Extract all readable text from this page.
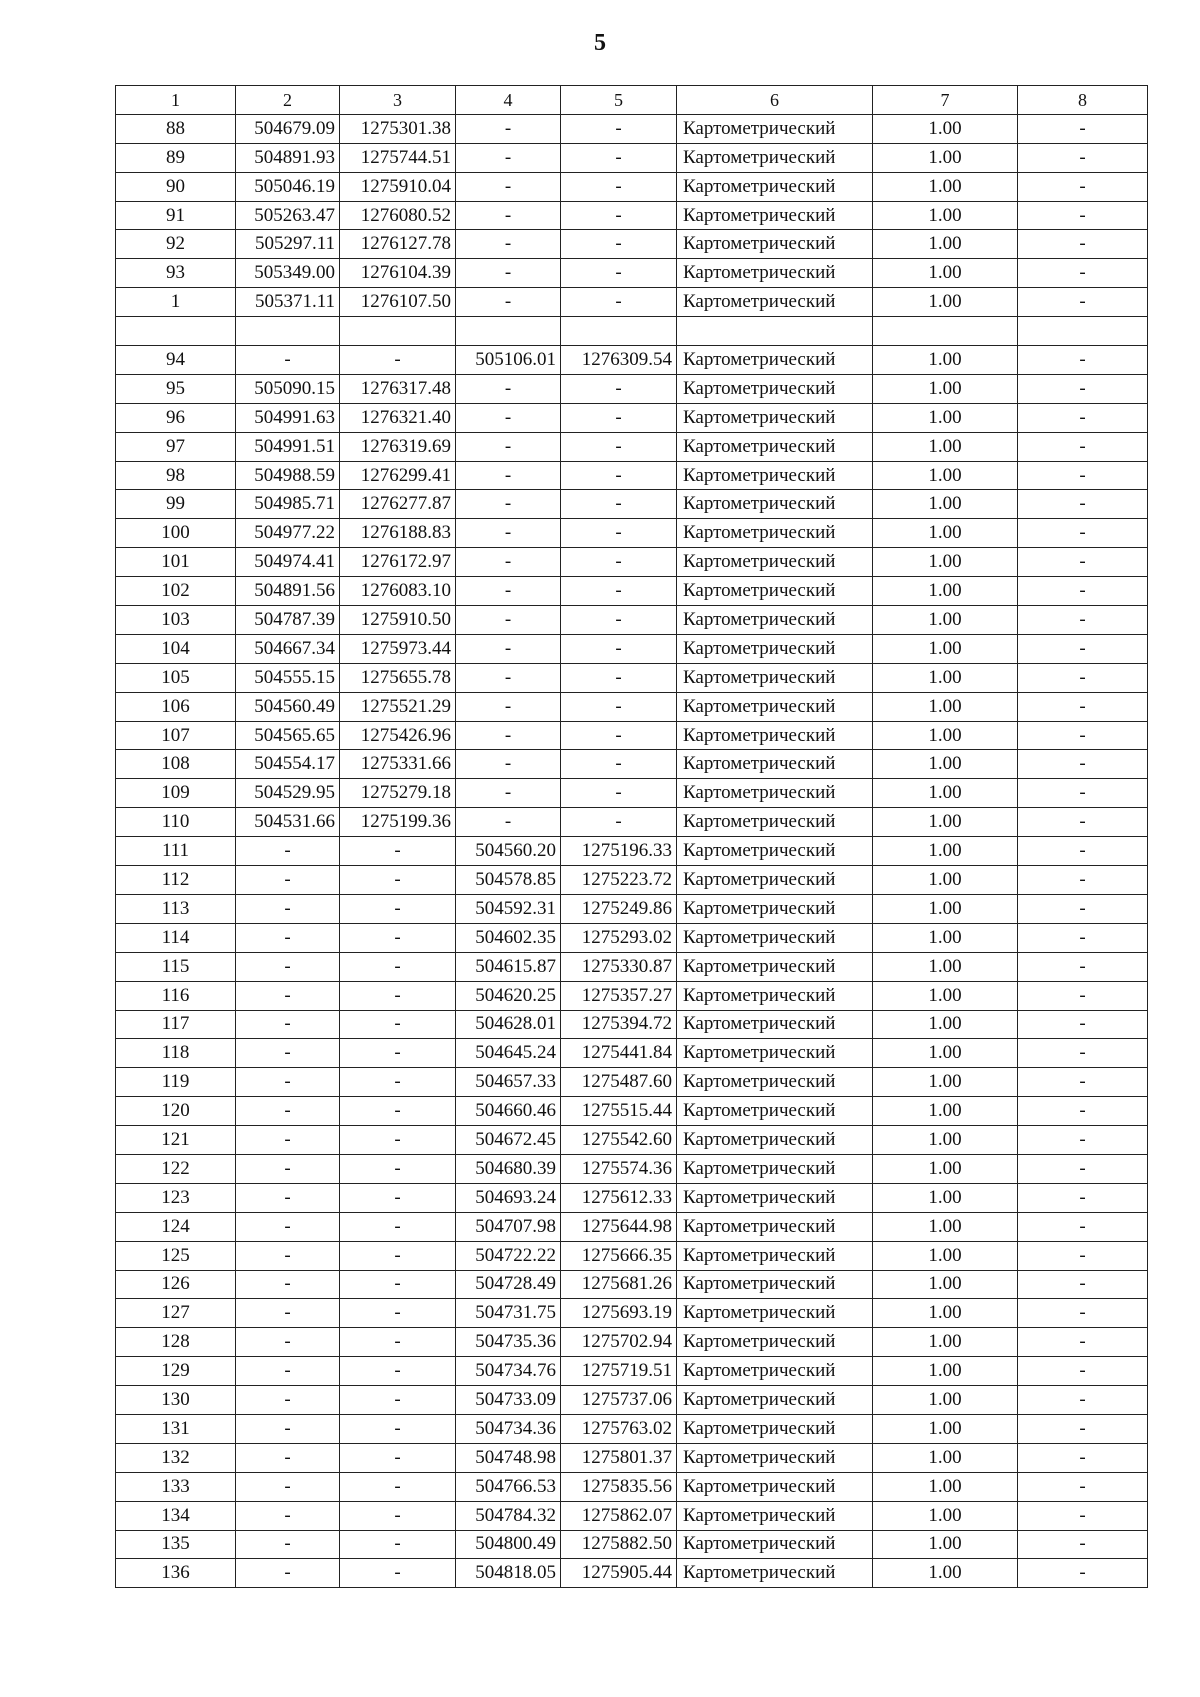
5
1	2	3	4	5	6	7	8
88	504679.09	1275301.38	-	-	Картометрический	1.00	-
89	504891.93	1275744.51	-	-	Картометрический	1.00	-
90	505046.19	1275910.04	-	-	Картометрический	1.00	-
91	505263.47	1276080.52	-	-	Картометрический	1.00	-
92	505297.11	1276127.78	-	-	Картометрический	1.00	-
93	505349.00	1276104.39	-	-	Картометрический	1.00	-
1	505371.11	1276107.50	-	-	Картометрический	1.00	-

94	-	-	505106.01	1276309.54	Картометрический	1.00	-
95	505090.15	1276317.48	-	-	Картометрический	1.00	-
96	504991.63	1276321.40	-	-	Картометрический	1.00	-
97	504991.51	1276319.69	-	-	Картометрический	1.00	-
98	504988.59	1276299.41	-	-	Картометрический	1.00	-
99	504985.71	1276277.87	-	-	Картометрический	1.00	-
100	504977.22	1276188.83	-	-	Картометрический	1.00	-
101	504974.41	1276172.97	-	-	Картометрический	1.00	-
102	504891.56	1276083.10	-	-	Картометрический	1.00	-
103	504787.39	1275910.50	-	-	Картометрический	1.00	-
104	504667.34	1275973.44	-	-	Картометрический	1.00	-
105	504555.15	1275655.78	-	-	Картометрический	1.00	-
106	504560.49	1275521.29	-	-	Картометрический	1.00	-
107	504565.65	1275426.96	-	-	Картометрический	1.00	-
108	504554.17	1275331.66	-	-	Картометрический	1.00	-
109	504529.95	1275279.18	-	-	Картометрический	1.00	-
110	504531.66	1275199.36	-	-	Картометрический	1.00	-
111	-	-	504560.20	1275196.33	Картометрический	1.00	-
112	-	-	504578.85	1275223.72	Картометрический	1.00	-
113	-	-	504592.31	1275249.86	Картометрический	1.00	-
114	-	-	504602.35	1275293.02	Картометрический	1.00	-
115	-	-	504615.87	1275330.87	Картометрический	1.00	-
116	-	-	504620.25	1275357.27	Картометрический	1.00	-
117	-	-	504628.01	1275394.72	Картометрический	1.00	-
118	-	-	504645.24	1275441.84	Картометрический	1.00	-
119	-	-	504657.33	1275487.60	Картометрический	1.00	-
120	-	-	504660.46	1275515.44	Картометрический	1.00	-
121	-	-	504672.45	1275542.60	Картометрический	1.00	-
122	-	-	504680.39	1275574.36	Картометрический	1.00	-
123	-	-	504693.24	1275612.33	Картометрический	1.00	-
124	-	-	504707.98	1275644.98	Картометрический	1.00	-
125	-	-	504722.22	1275666.35	Картометрический	1.00	-
126	-	-	504728.49	1275681.26	Картометрический	1.00	-
127	-	-	504731.75	1275693.19	Картометрический	1.00	-
128	-	-	504735.36	1275702.94	Картометрический	1.00	-
129	-	-	504734.76	1275719.51	Картометрический	1.00	-
130	-	-	504733.09	1275737.06	Картометрический	1.00	-
131	-	-	504734.36	1275763.02	Картометрический	1.00	-
132	-	-	504748.98	1275801.37	Картометрический	1.00	-
133	-	-	504766.53	1275835.56	Картометрический	1.00	-
134	-	-	504784.32	1275862.07	Картометрический	1.00	-
135	-	-	504800.49	1275882.50	Картометрический	1.00	-
136	-	-	504818.05	1275905.44	Картометрический	1.00	-
